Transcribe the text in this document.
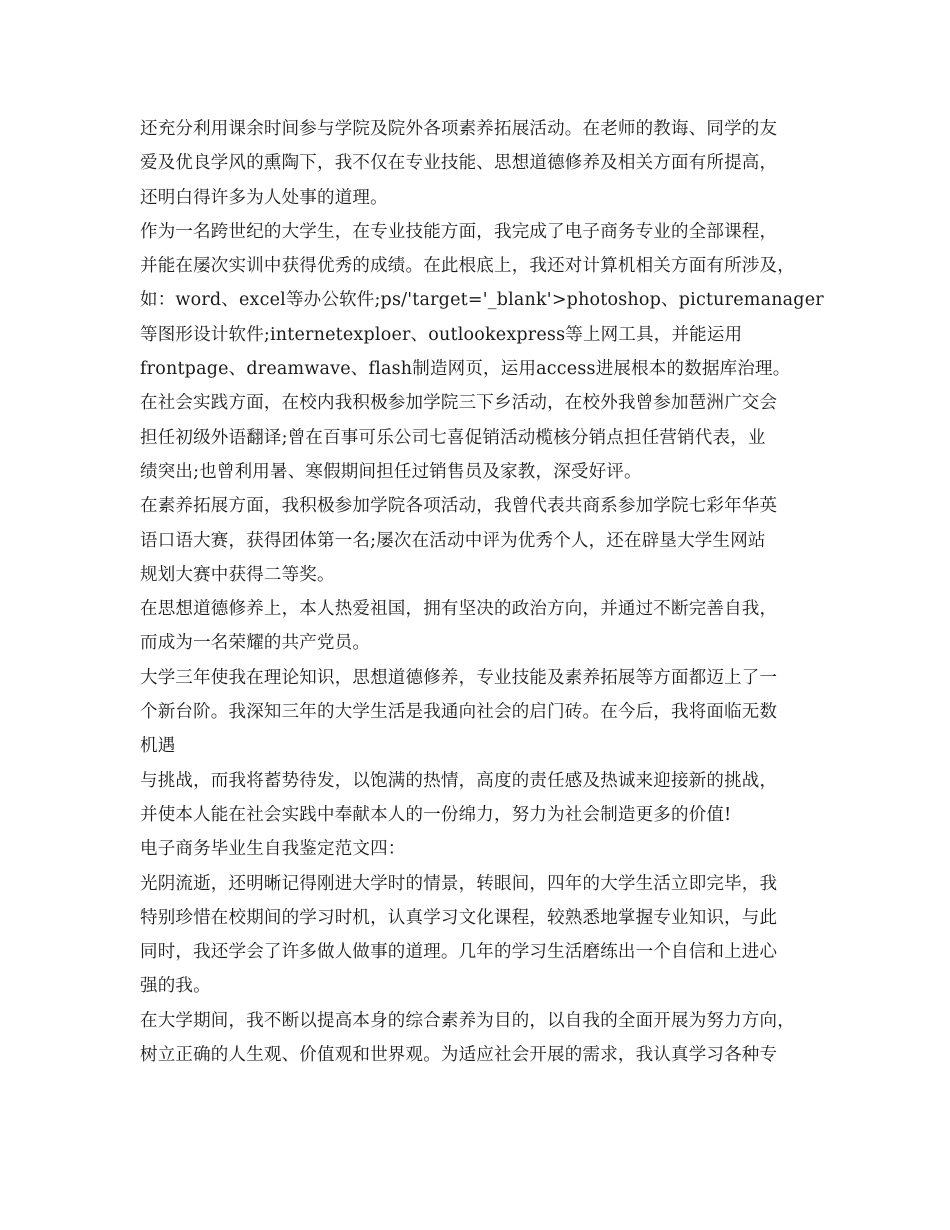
还充分利用课余时间参与学院及院外各项素养拓展活动。在老师的教诲、同学的友
爱及优良学风的熏陶下，我不仅在专业技能、思想道德修养及相关方面有所提高，
还明白得许多为人处事的道理。
作为一名跨世纪的大学生，在专业技能方面，我完成了电子商务专业的全部课程，
并能在屡次实训中获得优秀的成绩。在此根底上，我还对计算机相关方面有所涉及，
如：word、excel等办公软件;ps/'target='_blank'>photoshop、picturemanager
等图形设计软件;internetexploer、outlookexpress等上网工具，并能运用
frontpage、dreamwave、flash制造网页，运用access进展根本的数据库治理。
在社会实践方面，在校内我积极参加学院三下乡活动，在校外我曾参加琶洲广交会
担任初级外语翻译;曾在百事可乐公司七喜促销活动榄核分销点担任营销代表，业
绩突出;也曾利用暑、寒假期间担任过销售员及家教，深受好评。
在素养拓展方面，我积极参加学院各项活动，我曾代表共商系参加学院七彩年华英
语口语大赛，获得团体第一名;屡次在活动中评为优秀个人，还在辟垦大学生网站
规划大赛中获得二等奖。
在思想道德修养上，本人热爱祖国，拥有坚决的政治方向，并通过不断完善自我，
而成为一名荣耀的共产党员。
大学三年使我在理论知识，思想道德修养，专业技能及素养拓展等方面都迈上了一
个新台阶。我深知三年的大学生活是我通向社会的启门砖。在今后，我将面临无数
机遇
与挑战，而我将蓄势待发，以饱满的热情，高度的责任感及热诚来迎接新的挑战，
并使本人能在社会实践中奉献本人的一份绵力，努力为社会制造更多的价值!
电子商务毕业生自我鉴定范文四：
光阴流逝，还明晰记得刚进大学时的情景，转眼间，四年的大学生活立即完毕，我
特别珍惜在校期间的学习时机，认真学习文化课程，较熟悉地掌握专业知识，与此
同时，我还学会了许多做人做事的道理。几年的学习生活磨练出一个自信和上进心
强的我。
在大学期间，我不断以提高本身的综合素养为目的，以自我的全面开展为努力方向，
树立正确的人生观、价值观和世界观。为适应社会开展的需求，我认真学习各种专
